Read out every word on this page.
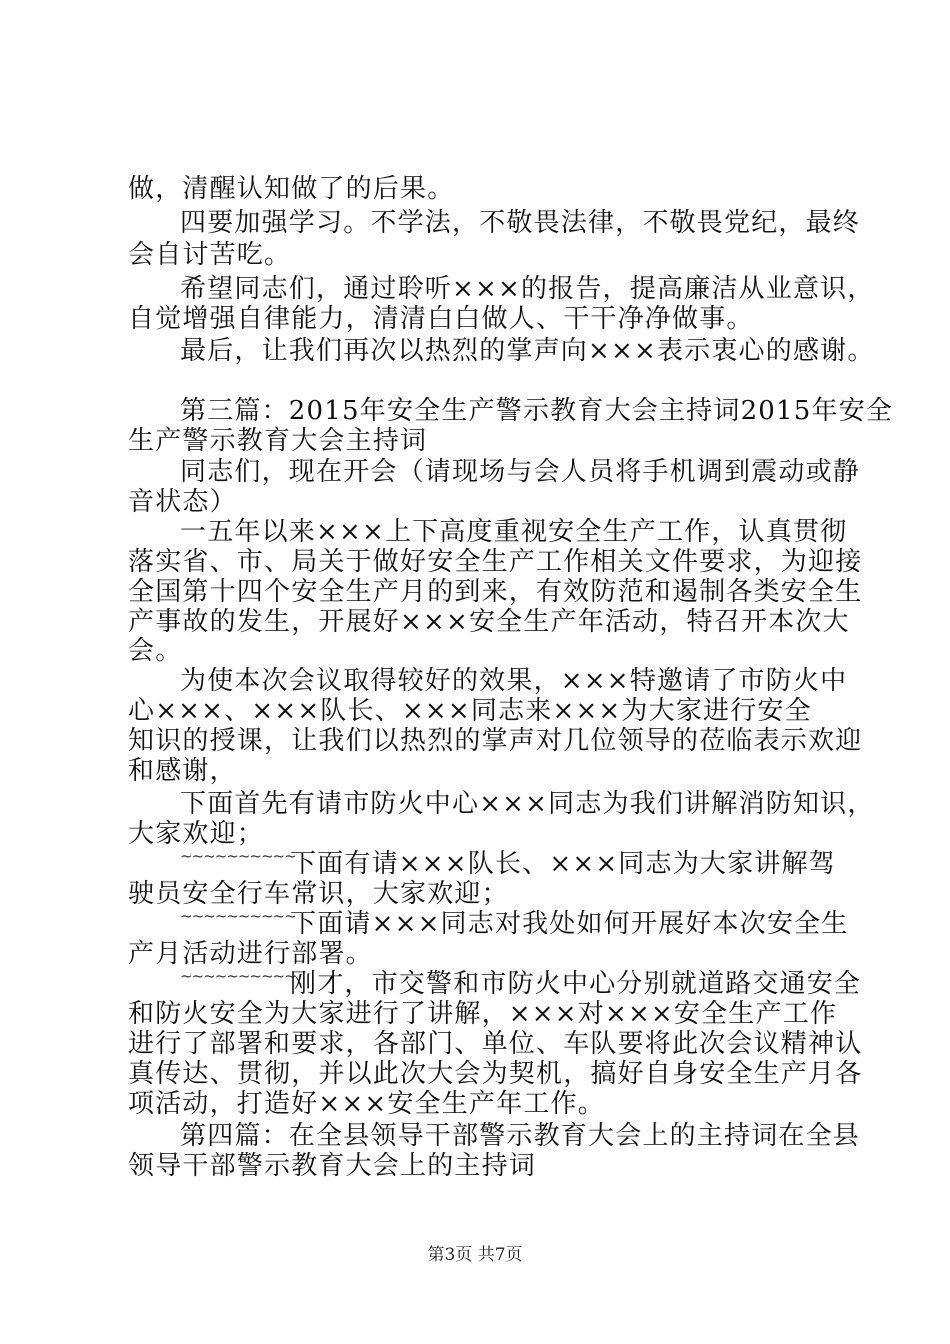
做，清醒认知做了的后果。
四要加强学习。不学法，不敬畏法律，不敬畏党纪，最终
会自讨苦吃。
希望同志们，通过聆听×××的报告，提高廉洁从业意识，
自觉增强自律能力，清清白白做人、干干净净做事。
最后，让我们再次以热烈的掌声向×××表示衷心的感谢。
第三篇：2015年安全生产警示教育大会主持词2015年安全
生产警示教育大会主持词
同志们，现在开会（请现场与会人员将手机调到震动或静
音状态）
一五年以来×××上下高度重视安全生产工作，认真贯彻
落实省、市、局关于做好安全生产工作相关文件要求，为迎接
全国第十四个安全生产月的到来，有效防范和遏制各类安全生
产事故的发生，开展好×××安全生产年活动，特召开本次大
会。
为使本次会议取得较好的效果，×××特邀请了市防火中
心×××、×××队长、×××同志来×××为大家进行安全
知识的授课，让我们以热烈的掌声对几位领导的莅临表示欢迎
和感谢，
下面首先有请市防火中心×××同志为我们讲解消防知识，
大家欢迎；
~~~~~~~~~~
下面有请×××队长、×××同志为大家讲解驾
驶员安全行车常识，大家欢迎；
~~~~~~~~~~
下面请×××同志对我处如何开展好本次安全生
产月活动进行部署。
~~~~~~~~~~
刚才，市交警和市防火中心分别就道路交通安全
和防火安全为大家进行了讲解，×××对×××安全生产工作
进行了部署和要求，各部门、单位、车队要将此次会议精神认
真传达、贯彻，并以此次大会为契机，搞好自身安全生产月各
项活动，打造好×××安全生产年工作。
第四篇：在全县领导干部警示教育大会上的主持词在全县
领导干部警示教育大会上的主持词
第3页 共7页
